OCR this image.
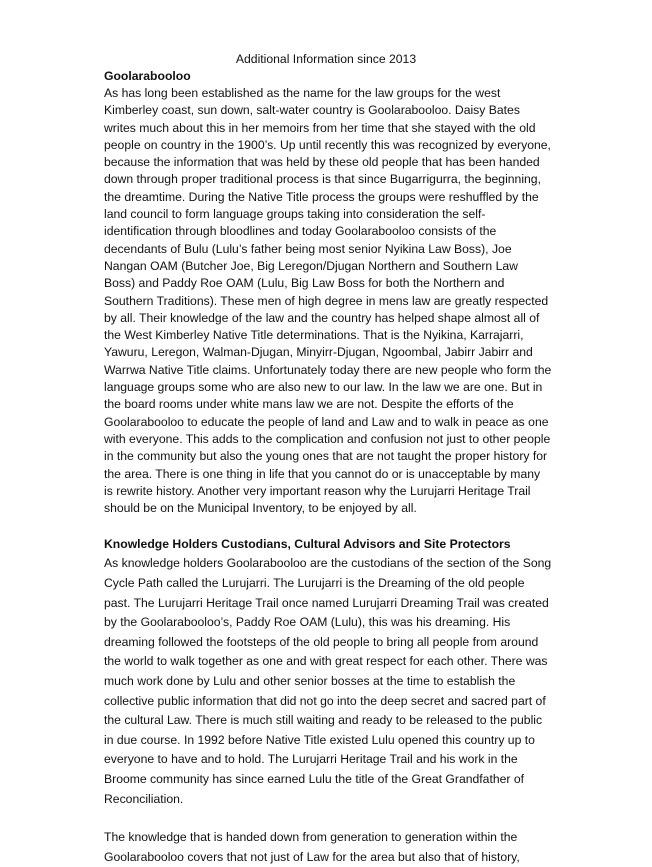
Additional Information since 2013

Goolarabooloo

As has long been established as the name for the law groups for the west Kimberley coast, sun down, salt-water country is Goolarabooloo. Daisy Bates writes much about this in her memoirs from her time that she stayed with the old people on country in the 1900’s. Up until recently this was recognized by everyone, because the information that was held by these old people that has been handed down through proper traditional process is that since Bugarrigurra, the beginning, the dreamtime. During the Native Title process the groups were reshuffled by the land council to form language groups taking into consideration the self-identification through bloodlines and today Goolarabooloo consists of the decendants of Bulu (Lulu’s father being most senior Nyikina Law Boss), Joe Nangan OAM (Butcher Joe, Big Leregon/Djugan Northern and Southern Law Boss) and Paddy Roe OAM (Lulu, Big Law Boss for both the Northern and Southern Traditions). These men of high degree in mens law are greatly respected by all. Their knowledge of the law and the country has helped shape almost all of the West Kimberley Native Title determinations. That is the Nyikina, Karrajarri, Yawuru, Leregon, Walman-Djugan, Minyirr-Djugan, Ngoombal, Jabirr Jabirr and Warrwa Native Title claims. Unfortunately today there are new people who form the language groups some who are also new to our law. In the law we are one. But in the board rooms under white mans law we are not. Despite the efforts of the Goolarabooloo to educate the people of land and Law and to walk in peace as one with everyone. This adds to the complication and confusion not just to other people in the community but also the young ones that are not taught the proper history for the area. There is one thing in life that you cannot do or is unacceptable by many is rewrite history. Another very important reason why the Lurujarri Heritage Trail should be on the Municipal Inventory, to be enjoyed by all.

Knowledge Holders Custodians, Cultural Advisors and Site Protectors

As knowledge holders Goolarabooloo are the custodians of the section of the Song Cycle Path called the Lurujarri. The Lurujarri is the Dreaming of the old people past. The Lurujarri Heritage Trail once named Lurujarri Dreaming Trail was created by the Goolarabooloo’s, Paddy Roe OAM (Lulu), this was his dreaming. His dreaming followed the footsteps of the old people to bring all people from around the world to walk together as one and with great respect for each other. There was much work done by Lulu and other senior bosses at the time to establish the collective public information that did not go into the deep secret and sacred part of the cultural Law. There is much still waiting and ready to be released to the public in due course. In 1992 before Native Title existed Lulu opened this country up to everyone to have and to hold. The Lurujarri Heritage Trail and his work in the Broome community has since earned Lulu the title of the Great Grandfather of Reconciliation.

The knowledge that is handed down from generation to generation within the Goolarabooloo covers that not just of Law for the area but also that of history,
